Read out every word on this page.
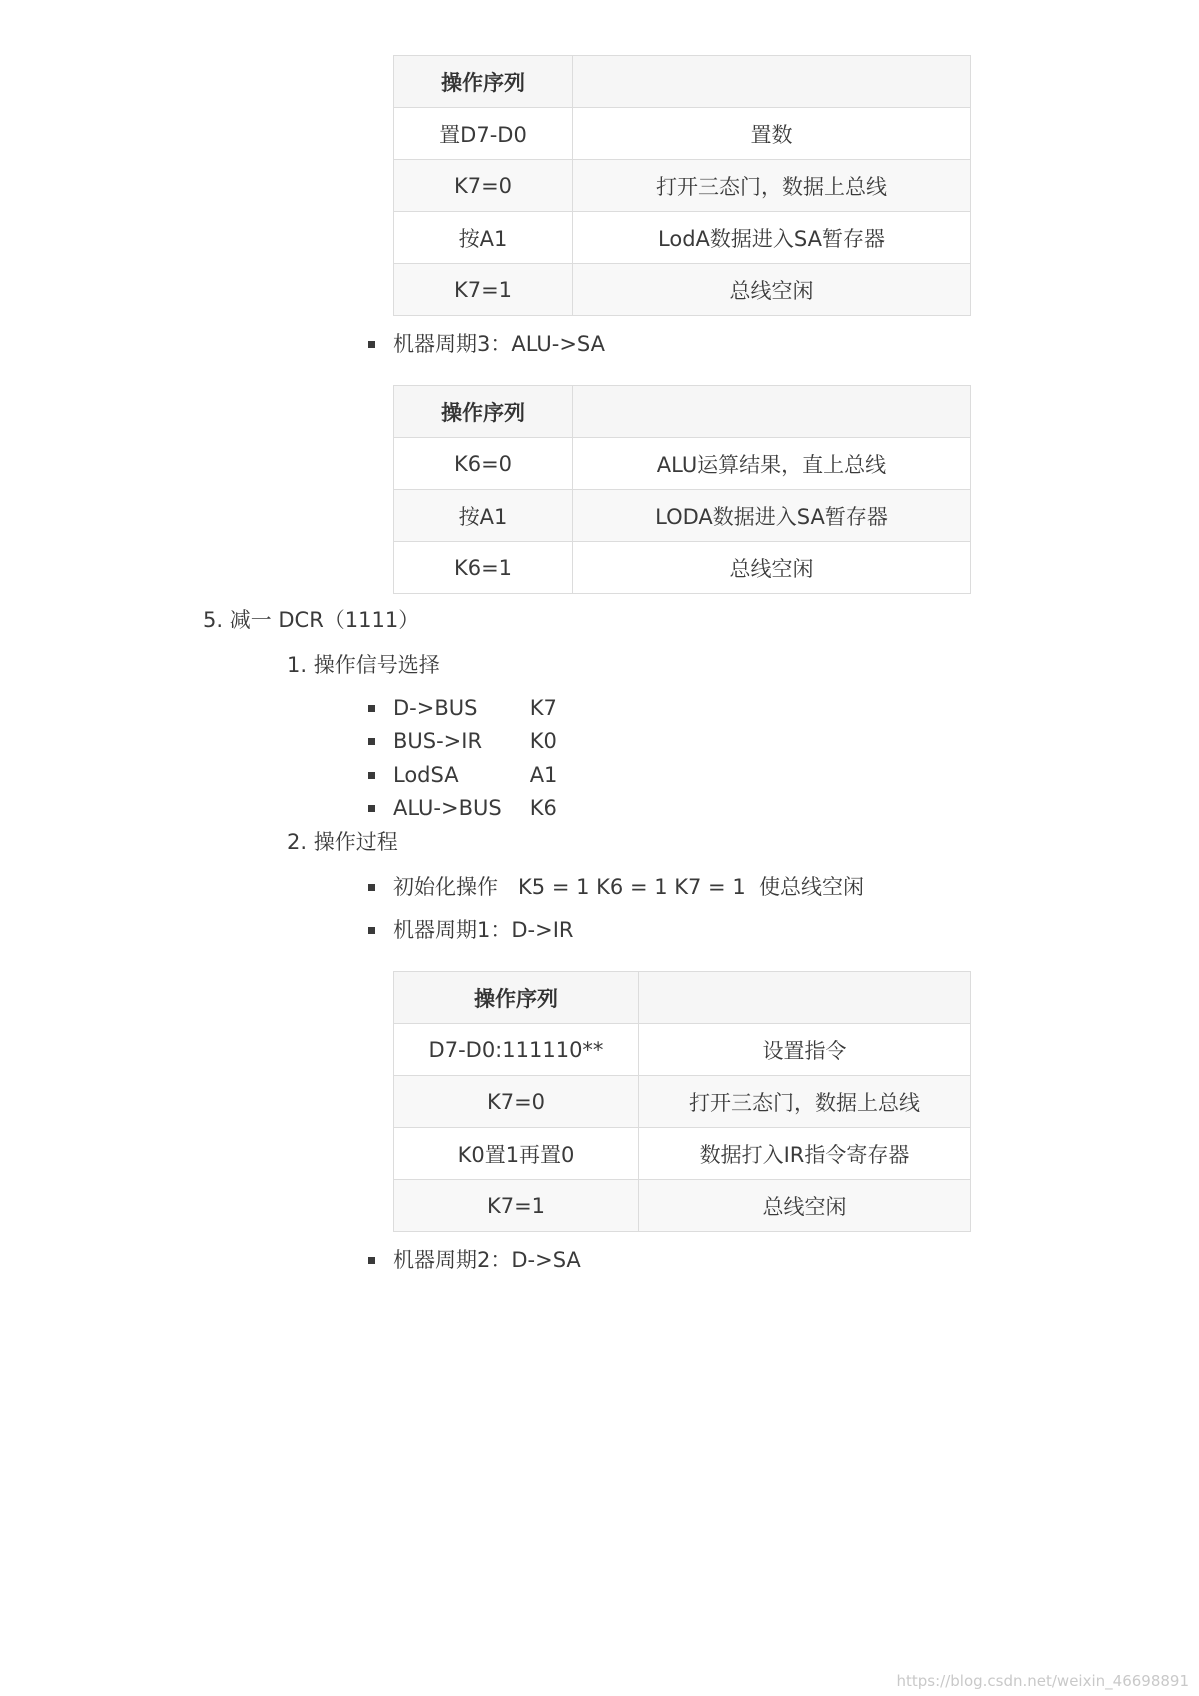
操作序列	
置D7-D0	置数
K7=0	打开三态门，数据上总线
按A1	LodA数据进入SA暂存器
K7=1	总线空闲
机器周期3：ALU->SA
操作序列	
K6=0	ALU运算结果，直上总线
按A1	LODA数据进入SA暂存器
K6=1	总线空闲
5. 减一 DCR（1111）
1. 操作信号选择
D->BUS K7
BUS->IR K0
LodSA	A1
ALU->BUS K6
2. 操作过程
初始化操作   K5 = 1 K6 = 1 K7 = 1  使总线空闲
机器周期1：D->IR
操作序列	
D7-D0:111110**	设置指令
K7=0	打开三态门，数据上总线
K0置1再置0	数据打入IR指令寄存器
K7=1	总线空闲
机器周期2：D->SA
https://blog.csdn.net/weixin_46698891
